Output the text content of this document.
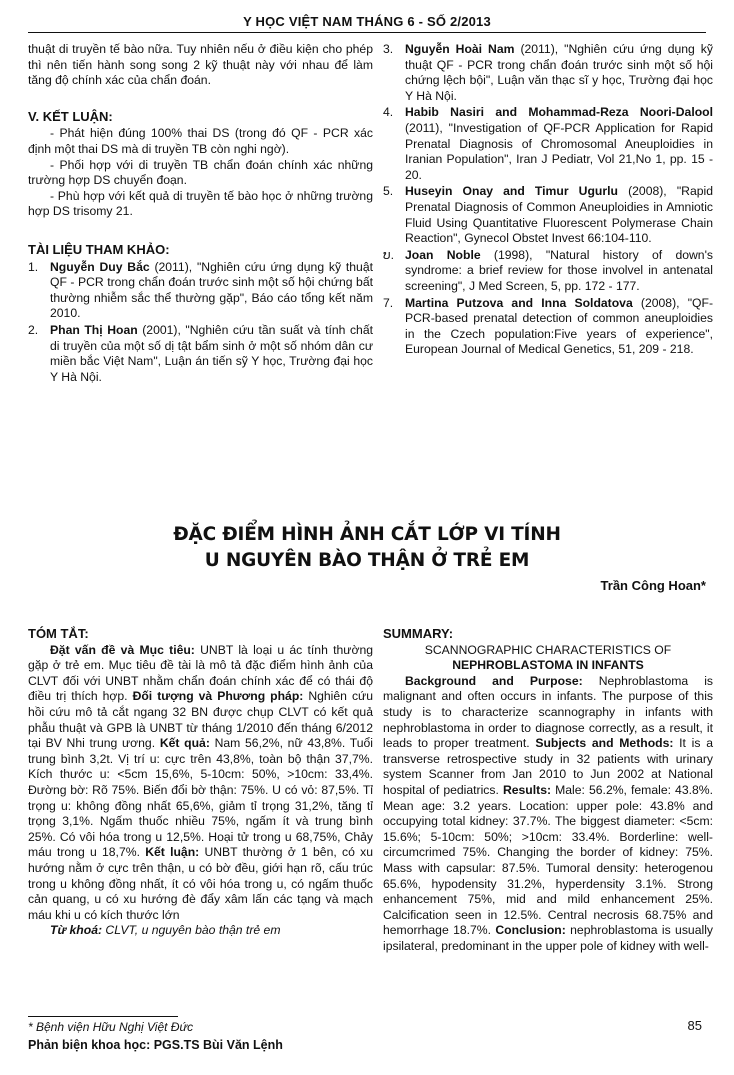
Y HỌC VIỆT NAM THÁNG 6 - SỐ 2/2013

thuật di truyền tế bào nữa. Tuy nhiên nếu ở điều kiện cho phép thì nên tiến hành song song 2 kỹ thuật này với nhau để làm tăng độ chính xác của chẩn đoán.

V. KẾT LUẬN:

- Phát hiện đúng 100% thai DS (trong đó QF - PCR xác định một thai DS mà di truyền TB còn nghi ngờ).

- Phối hợp với di truyền TB chẩn đoán chính xác những trường hợp DS chuyển đoạn.

- Phù hợp với kết quả di truyền tế bào học ở những trường hợp DS trisomy 21.

TÀI LIỆU THAM KHẢO:

1. Nguyễn Duy Bắc (2011), "Nghiên cứu ứng dụng kỹ thuật QF - PCR trong chẩn đoán trước sinh một số hội chứng bất thường nhiễm sắc thể thường gặp", Báo cáo tổng kết năm 2010.

2. Phan Thị Hoan (2001), "Nghiên cứu tần suất và tính chất di truyền của một số dị tật bẩm sinh ở một số nhóm dân cư miền bắc Việt Nam", Luận án tiến sỹ Y học, Trường đại học Y Hà Nội.

3. Nguyễn Hoài Nam (2011), "Nghiên cứu ứng dụng kỹ thuật QF - PCR trong chẩn đoán trước sinh một số hội chứng lệch bội", Luận văn thạc sĩ y học, Trường đại học Y Hà Nội.

4. Habib Nasiri and Mohammad-Reza Noori-Dalool (2011), "Investigation of QF-PCR Application for Rapid Prenatal Diagnosis of Chromosomal Aneuploidies in Iranian Population", Iran J Pediatr, Vol 21,No 1, pp. 15 - 20.

5. Huseyin Onay and Timur Ugurlu (2008), "Rapid Prenatal Diagnosis of Common Aneuploidies in Amniotic Fluid Using Quantitative Fluorescent Polymerase Chain Reaction", Gynecol Obstet Invest 66:104-110.

ບ. Joan Noble (1998), "Natural history of down's syndrome: a brief review for those involvel in antenatal screening", J Med Screen, 5, pp. 172 - 177.

7. Martina Putzova and Inna Soldatova (2008), "QF-PCR-based prenatal detection of common aneuploidies in the Czech population:Five years of experience", European Journal of Medical Genetics, 51, 209 - 218.

ĐẶC ĐIỂM HÌNH ẢNH CẮT LỚP VI TÍNH
U NGUYÊN BÀO THẬN Ở TRẺ EM
Trần Công Hoan*

TÓM TẮT:

Đặt vấn đề và Mục tiêu: UNBT là loại u ác tính thường gặp ở trẻ em. Mục tiêu đề tài là mô tả đặc điểm hình ảnh của CLVT đối với UNBT nhằm chẩn đoán chính xác để có thái độ điều trị thích hợp. Đối tượng và Phương pháp: Nghiên cứu hồi cứu mô tả cắt ngang 32 BN được chụp CLVT có kết quả phẫu thuật và GPB là UNBT từ tháng 1/2010 đến tháng 6/2012 tại BV Nhi trung ương. Kết quả: Nam 56,2%, nữ 43,8%. Tuổi trung bình 3,2t. Vị trí u: cực trên 43,8%, toàn bộ thận 37,7%. Kích thước u: <5cm 15,6%, 5-10cm: 50%, >10cm: 33,4%. Đường bờ: Rõ 75%. Biến đổi bờ thận: 75%. U có vỏ: 87,5%. Tỉ trọng u: không đồng nhất 65,6%, giảm tỉ trọng 31,2%, tăng tỉ trọng 3,1%. Ngấm thuốc nhiều 75%, ngấm ít và trung bình 25%. Có vôi hóa trong u 12,5%. Hoại tử trong u 68,75%, Chảy máu trong u 18,7%. Kết luận: UNBT thường ở 1 bên, có xu hướng nằm ở cực trên thận, u có bờ đều, giới hạn rõ, cấu trúc trong u không đồng nhất, ít có vôi hóa trong u, có ngấm thuốc cản quang, u có xu hướng đè đẩy xâm lấn các tạng và mạch máu khi u có kích thước lớn

Từ khoá: CLVT, u nguyên bào thận trẻ em

SUMMARY:

SCANNOGRAPHIC CHARACTERISTICS OF

NEPHROBLASTOMA IN INFANTS

Background and Purpose: Nephroblastoma is malignant and often occurs in infants. The purpose of this study is to characterize scannography in infants with nephroblastoma in order to diagnose correctly, as a result, it leads to proper treatment. Subjects and Methods: It is a transverse retrospective study in 32 patients with urinary system Scanner from Jan 2010 to Jun 2002 at National hospital of pediatrics. Results: Male: 56.2%, female: 43.8%. Mean age: 3.2 years. Location: upper pole: 43.8% and occupying total kidney: 37.7%. The biggest diameter: <5cm: 15.6%; 5-10cm: 50%; >10cm: 33.4%. Borderline: well-circumcrimed 75%. Changing the border of kidney: 75%. Mass with capsular: 87.5%. Tumoral density: heterogenou 65.6%, hypodensity 31.2%, hyperdensity 3.1%. Strong enhancement 75%, mid and mild enhancement 25%. Calcification seen in 12.5%. Central necrosis 68.75% and hemorrhage 18.7%. Conclusion: nephroblastoma is usually ipsilateral, predominant in the upper pole of kidney with well-

* Bệnh viện Hữu Nghị Việt Đức
Phản biện khoa học: PGS.TS Bùi Văn Lệnh
85
